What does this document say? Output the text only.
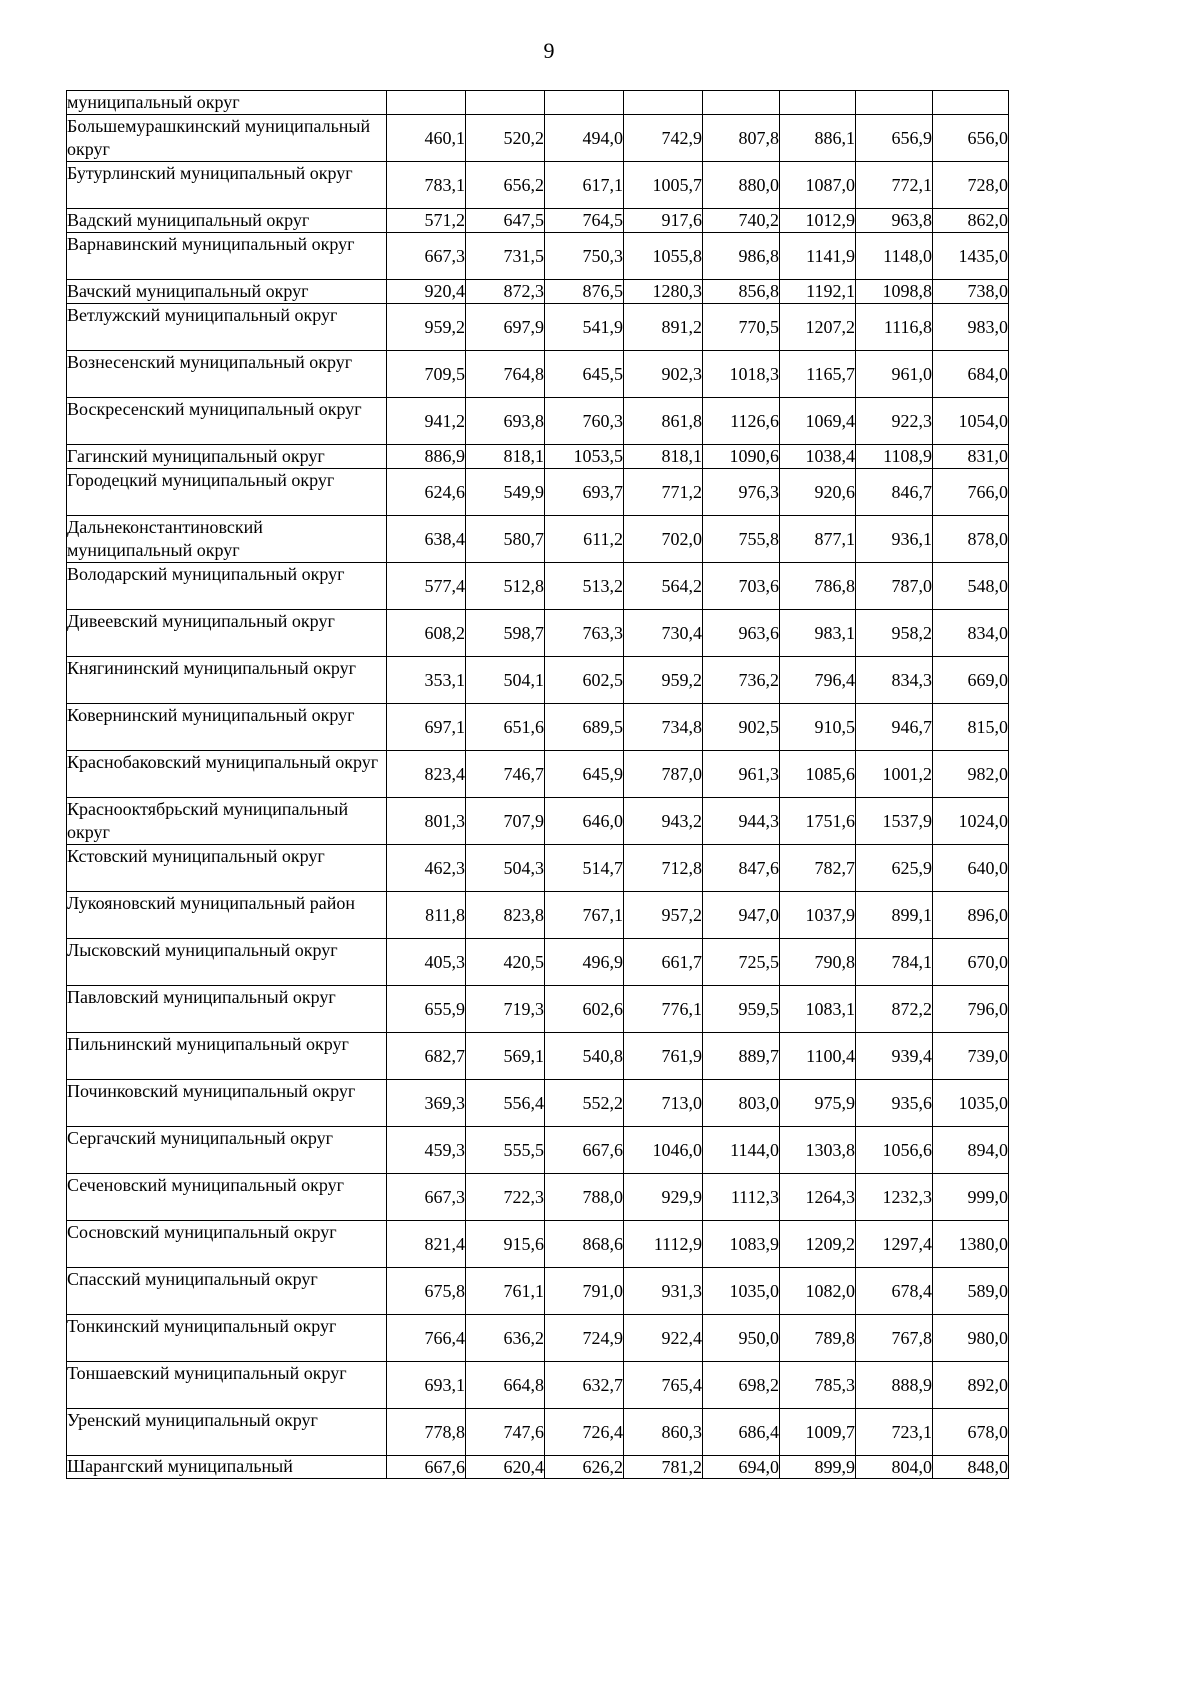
9
муниципальный округ								
Большемурашкинский муниципальный округ	460,1	520,2	494,0	742,9	807,8	886,1	656,9	656,0
Бутурлинский муниципальный округ	783,1	656,2	617,1	1005,7	880,0	1087,0	772,1	728,0
Вадский муниципальный округ	571,2	647,5	764,5	917,6	740,2	1012,9	963,8	862,0
Варнавинский муниципальный округ	667,3	731,5	750,3	1055,8	986,8	1141,9	1148,0	1435,0
Вачский муниципальный округ	920,4	872,3	876,5	1280,3	856,8	1192,1	1098,8	738,0
Ветлужский муниципальный округ	959,2	697,9	541,9	891,2	770,5	1207,2	1116,8	983,0
Вознесенский муниципальный округ	709,5	764,8	645,5	902,3	1018,3	1165,7	961,0	684,0
Воскресенский муниципальный округ	941,2	693,8	760,3	861,8	1126,6	1069,4	922,3	1054,0
Гагинский муниципальный округ	886,9	818,1	1053,5	818,1	1090,6	1038,4	1108,9	831,0
Городецкий муниципальный округ	624,6	549,9	693,7	771,2	976,3	920,6	846,7	766,0
Дальнеконстантиновский муниципальный округ	638,4	580,7	611,2	702,0	755,8	877,1	936,1	878,0
Володарский муниципальный округ	577,4	512,8	513,2	564,2	703,6	786,8	787,0	548,0
Дивеевский муниципальный округ	608,2	598,7	763,3	730,4	963,6	983,1	958,2	834,0
Княгининский муниципальный округ	353,1	504,1	602,5	959,2	736,2	796,4	834,3	669,0
Ковернинский муниципальный округ	697,1	651,6	689,5	734,8	902,5	910,5	946,7	815,0
Краснобаковский муниципальный округ	823,4	746,7	645,9	787,0	961,3	1085,6	1001,2	982,0
Краснооктябрьский муниципальный округ	801,3	707,9	646,0	943,2	944,3	1751,6	1537,9	1024,0
Кстовский муниципальный округ	462,3	504,3	514,7	712,8	847,6	782,7	625,9	640,0
Лукояновский муниципальный район	811,8	823,8	767,1	957,2	947,0	1037,9	899,1	896,0
Лысковский муниципальный округ	405,3	420,5	496,9	661,7	725,5	790,8	784,1	670,0
Павловский муниципальный округ	655,9	719,3	602,6	776,1	959,5	1083,1	872,2	796,0
Пильнинский муниципальный округ	682,7	569,1	540,8	761,9	889,7	1100,4	939,4	739,0
Починковский муниципальный округ	369,3	556,4	552,2	713,0	803,0	975,9	935,6	1035,0
Сергачский муниципальный округ	459,3	555,5	667,6	1046,0	1144,0	1303,8	1056,6	894,0
Сеченовский муниципальный округ	667,3	722,3	788,0	929,9	1112,3	1264,3	1232,3	999,0
Сосновский муниципальный округ	821,4	915,6	868,6	1112,9	1083,9	1209,2	1297,4	1380,0
Спасский муниципальный округ	675,8	761,1	791,0	931,3	1035,0	1082,0	678,4	589,0
Тонкинский муниципальный округ	766,4	636,2	724,9	922,4	950,0	789,8	767,8	980,0
Тоншаевский муниципальный округ	693,1	664,8	632,7	765,4	698,2	785,3	888,9	892,0
Уренский муниципальный округ	778,8	747,6	726,4	860,3	686,4	1009,7	723,1	678,0
Шарангский муниципальный	667,6	620,4	626,2	781,2	694,0	899,9	804,0	848,0
